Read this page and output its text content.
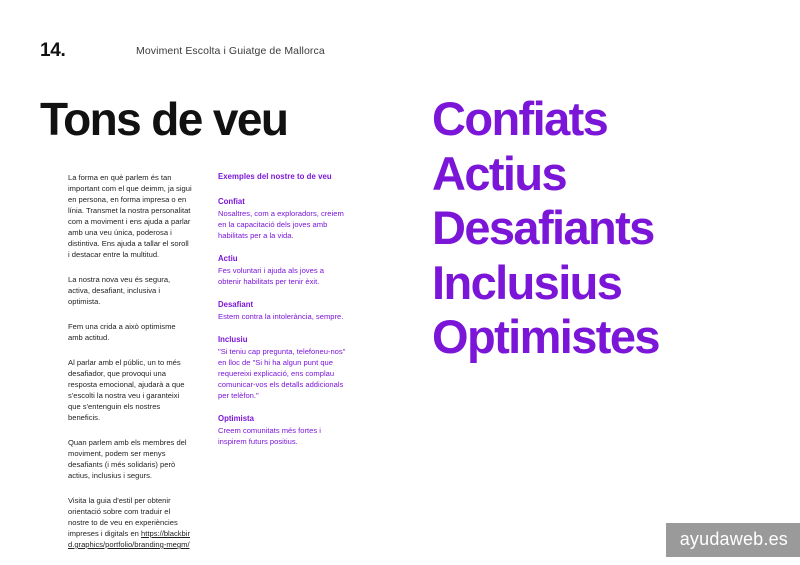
14.	Moviment Escolta i Guiatge de Mallorca
Tons de veu

La forma en què parlem és tan important com el que deimm, ja sigui en persona, en forma impresa o en línia. Transmet la nostra personalitat com a moviment i ens ajuda a parlar amb una veu única, poderosa i distintiva. Ens ajuda a tallar el soroll i destacar entre la multitud.

La nostra nova veu és segura, activa, desafiant, inclusiva i optimista.

Fem una crida a això optimisme amb actitud.

Al parlar amb el públic, un to més desafiador, que provoqui una resposta emocional, ajudarà a que s'escolti la nostra veu i garanteixi que s'entenguin els nostres beneficis.

Quan parlem amb els membres del moviment, podem ser menys desafiants (i més solidaris) però actius, inclusius i segurs.

Visita la guia d'estil per obtenir orientació sobre com traduir el nostre to de veu en experiències impreses i digitals en https://blackbird.graphics/portfolio/branding-megm/

Exemples del nostre to de veu
Confiat
Nosaltres, com a exploradors, creiem en la capacitació dels joves amb habilitats per a la vida.
Actiu
Fes voluntari i ajuda als joves a obtenir habilitats per tenir èxit.
Desafiant
Estem contra la intolerància, sempre.
Inclusiu
"Si teniu cap pregunta, telefoneu-nos" en lloc de "Si hi ha algun punt que requereixi explicació, ens complau comunicar-vos els detalls addicionals per telèfon."
Optimista
Creem comunitats més fortes i inspirem futurs positius.
Confiats
Actius
Desafiants
Inclusius
Optimistes
ayudaweb.es
